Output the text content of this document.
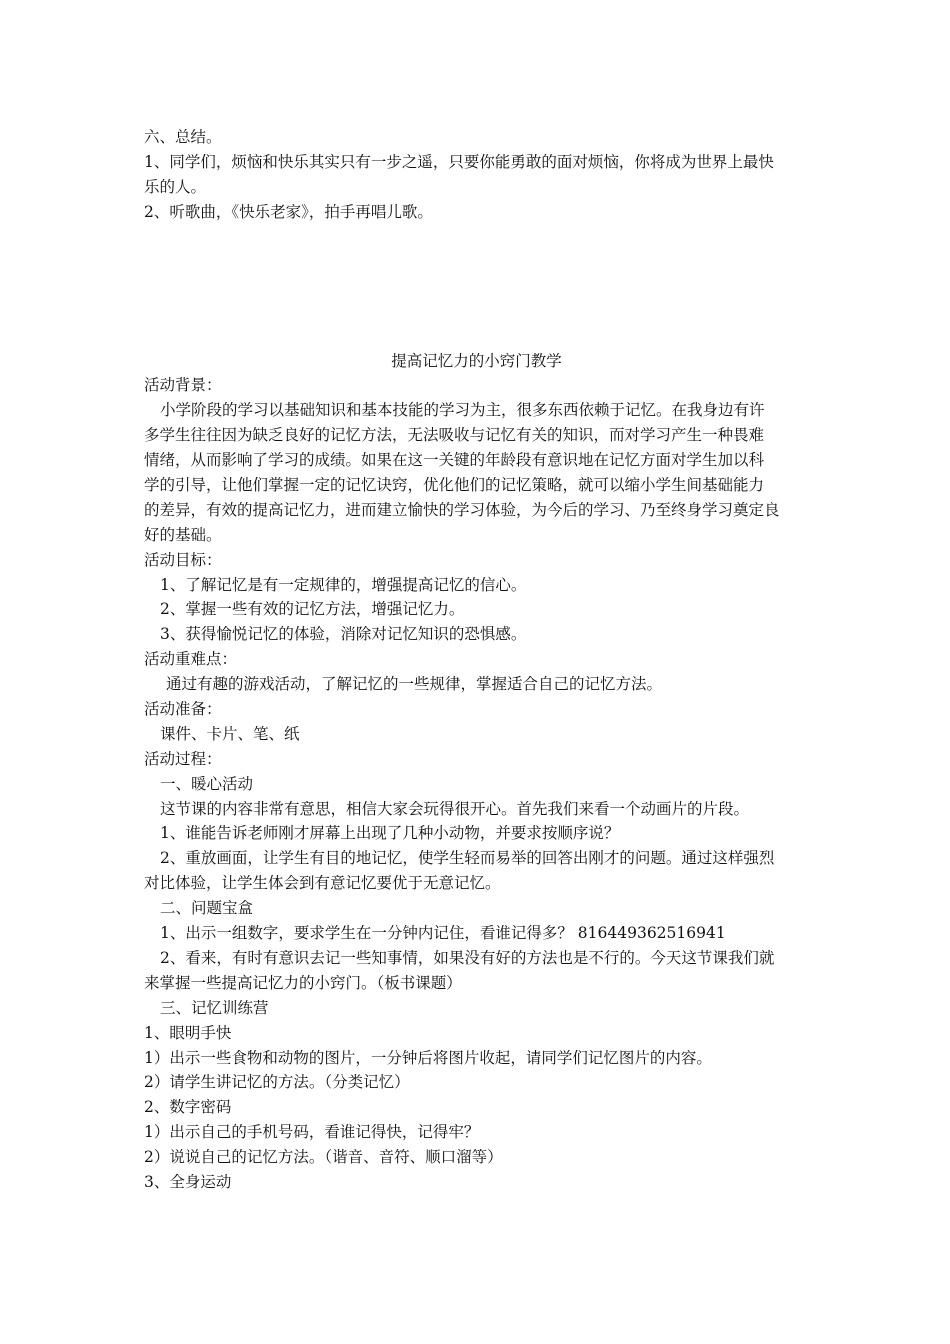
六、总结。
1、同学们，烦恼和快乐其实只有一步之遥，只要你能勇敢的面对烦恼，你将成为世界上最快
乐的人。
2、听歌曲，《快乐老家》，拍手再唱儿歌。
提高记忆力的小窍门教学
活动背景：
小学阶段的学习以基础知识和基本技能的学习为主，很多东西依赖于记忆。在我身边有许
多学生往往因为缺乏良好的记忆方法，无法吸收与记忆有关的知识，而对学习产生一种畏难
情绪，从而影响了学习的成绩。如果在这一关键的年龄段有意识地在记忆方面对学生加以科
学的引导，让他们掌握一定的记忆诀窍，优化他们的记忆策略，就可以缩小学生间基础能力
的差异，有效的提高记忆力，进而建立愉快的学习体验，为今后的学习、乃至终身学习奠定良
好的基础。
活动目标：
1、了解记忆是有一定规律的，增强提高记忆的信心。
2、掌握一些有效的记忆方法，增强记忆力。
3、获得愉悦记忆的体验，消除对记忆知识的恐惧感。
活动重难点：
通过有趣的游戏活动，了解记忆的一些规律，掌握适合自己的记忆方法。
活动准备：
课件、卡片、笔、纸
活动过程：
一、暖心活动
这节课的内容非常有意思，相信大家会玩得很开心。首先我们来看一个动画片的片段。
1、谁能告诉老师刚才屏幕上出现了几种小动物，并要求按顺序说？
2、重放画面，让学生有目的地记忆，使学生轻而易举的回答出刚才的问题。通过这样强烈
对比体验，让学生体会到有意记忆要优于无意记忆。
二、问题宝盒
1、出示一组数字，要求学生在一分钟内记住，看谁记得多？ 816449362516941
2、看来，有时有意识去记一些知事情，如果没有好的方法也是不行的。今天这节课我们就
来掌握一些提高记忆力的小窍门。（板书课题）
三、记忆训练营
1、眼明手快
1）出示一些食物和动物的图片，一分钟后将图片收起，请同学们记忆图片的内容。
2）请学生讲记忆的方法。（分类记忆）
2、数字密码
1）出示自己的手机号码，看谁记得快，记得牢？
2）说说自己的记忆方法。（谐音、音符、顺口溜等）
3、全身运动
